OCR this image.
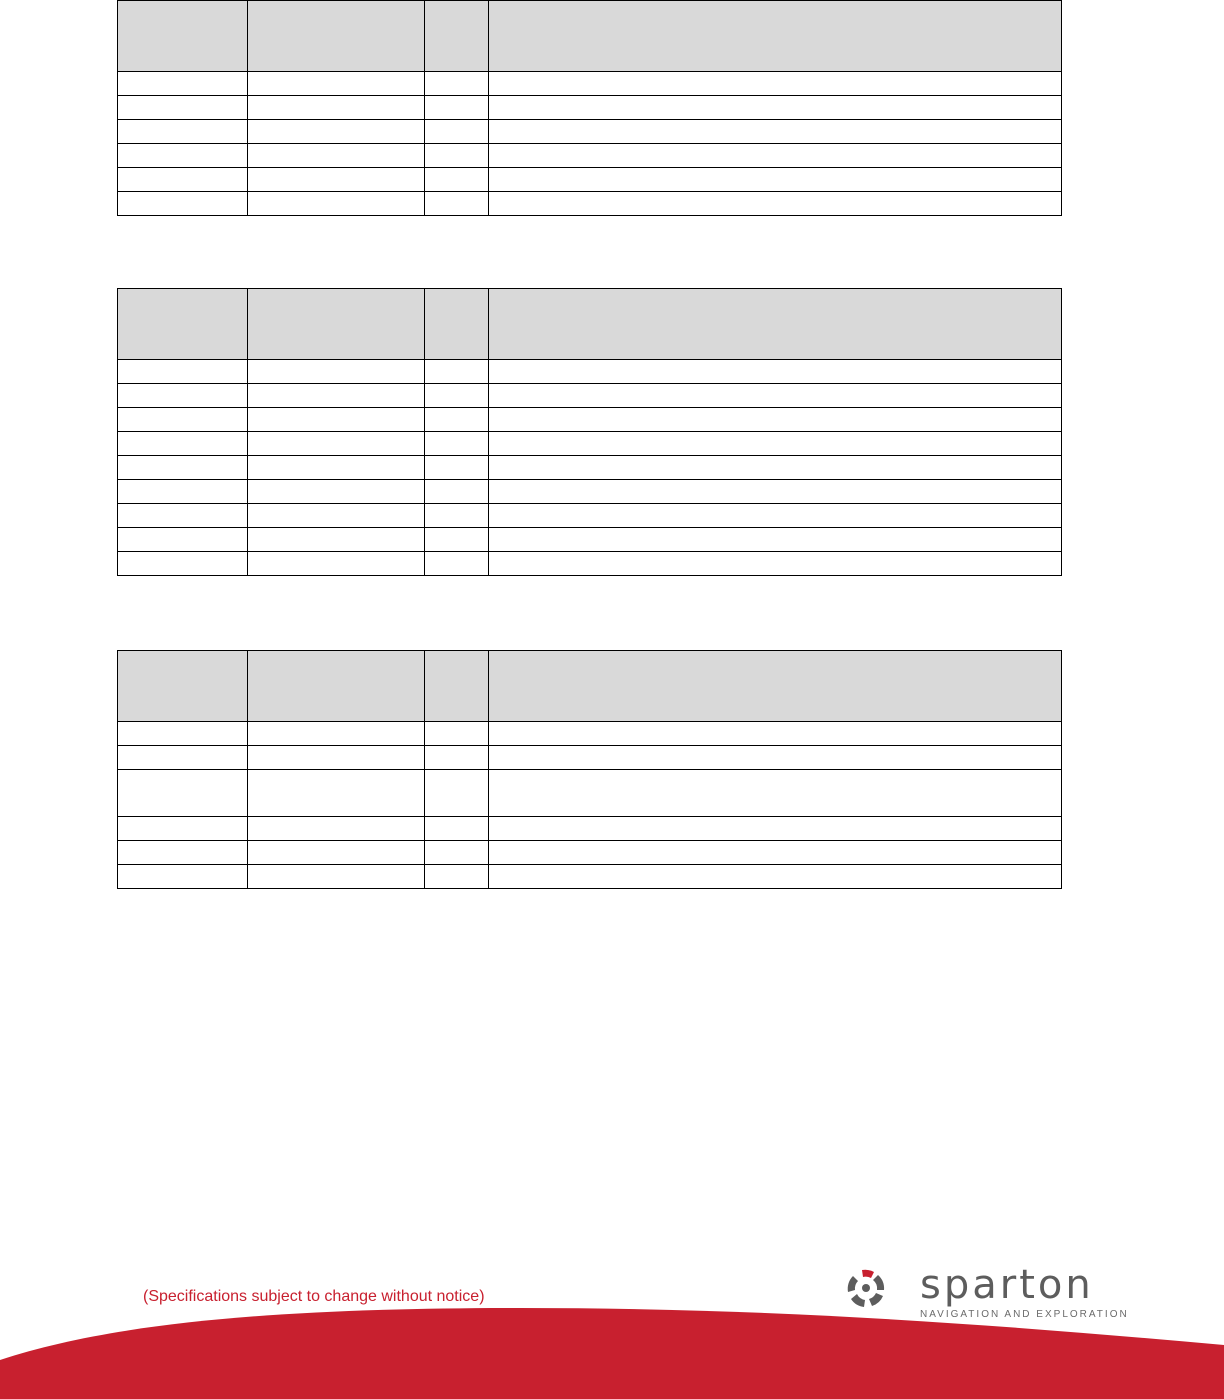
(Specifications subject to change without notice)	sparton
NAVIGATION AND EXPLORATION
